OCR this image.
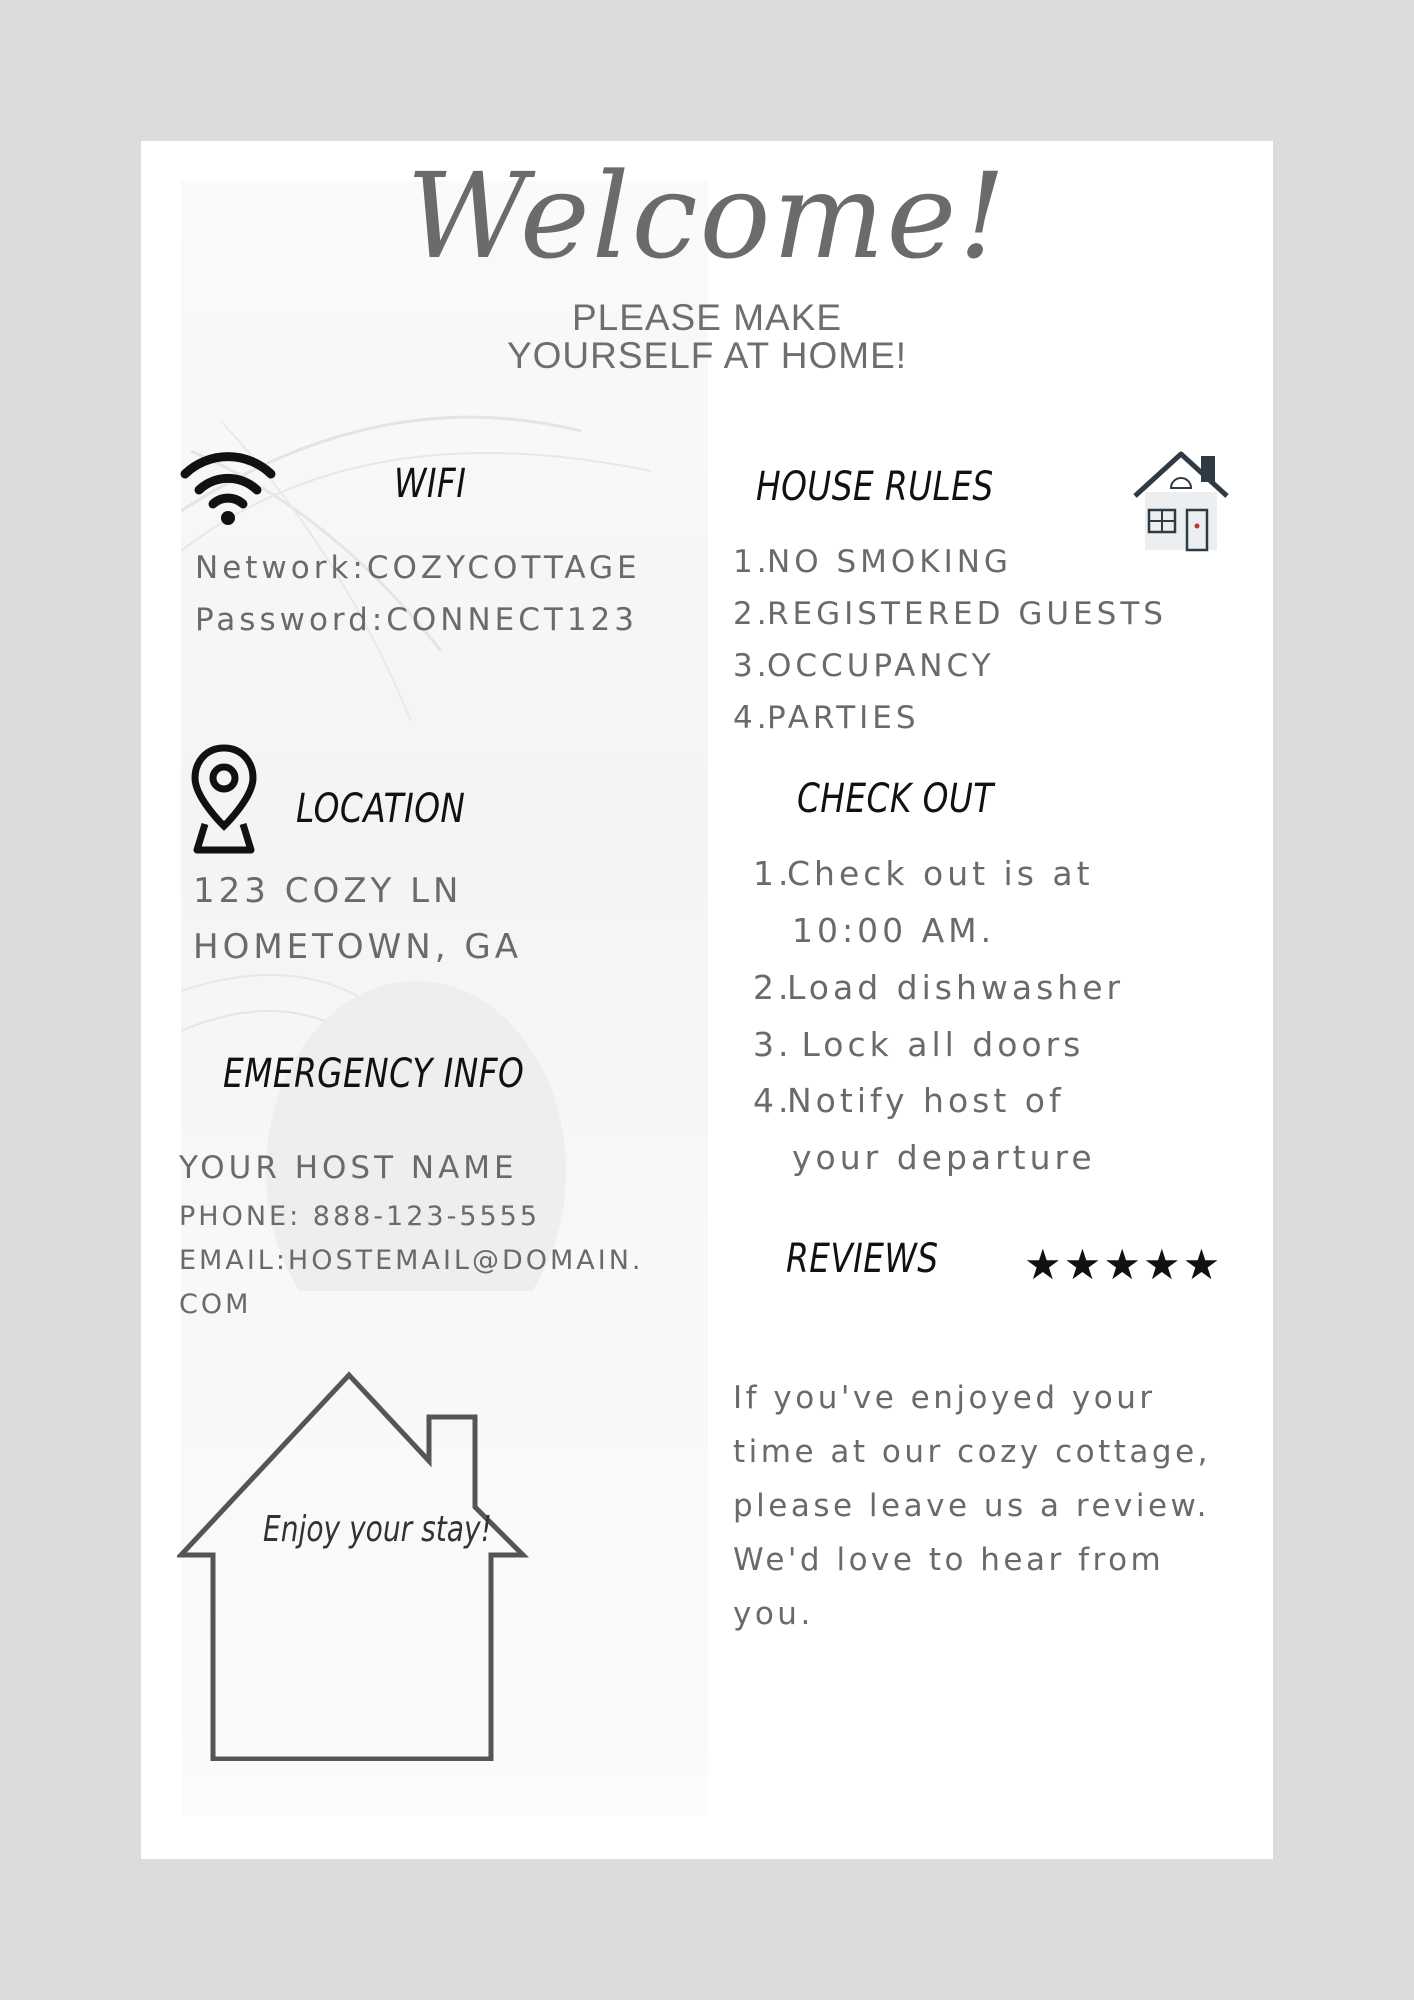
Welcome!
PLEASE MAKE
YOURSELF AT HOME!
WIFI
Network:COZYCOTTAGE
Password:CONNECT123
LOCATION
123 COZY LN
HOMETOWN, GA
EMERGENCY INFO
YOUR HOST NAME
PHONE: 888-123-5555
EMAIL:HOSTEMAIL@DOMAIN.
COM
Enjoy your stay!
HOUSE RULES
1.NO SMOKING
2.REGISTERED GUESTS
3.OCCUPANCY
4.PARTIES
CHECK OUT
1.Check out is at
10:00 AM.
2.Load dishwasher
3. Lock all doors
4.Notify host of
your departure
REVIEWS ★★★★★
If you've enjoyed your
time at our cozy cottage,
please leave us a review.
We'd love to hear from
you.
